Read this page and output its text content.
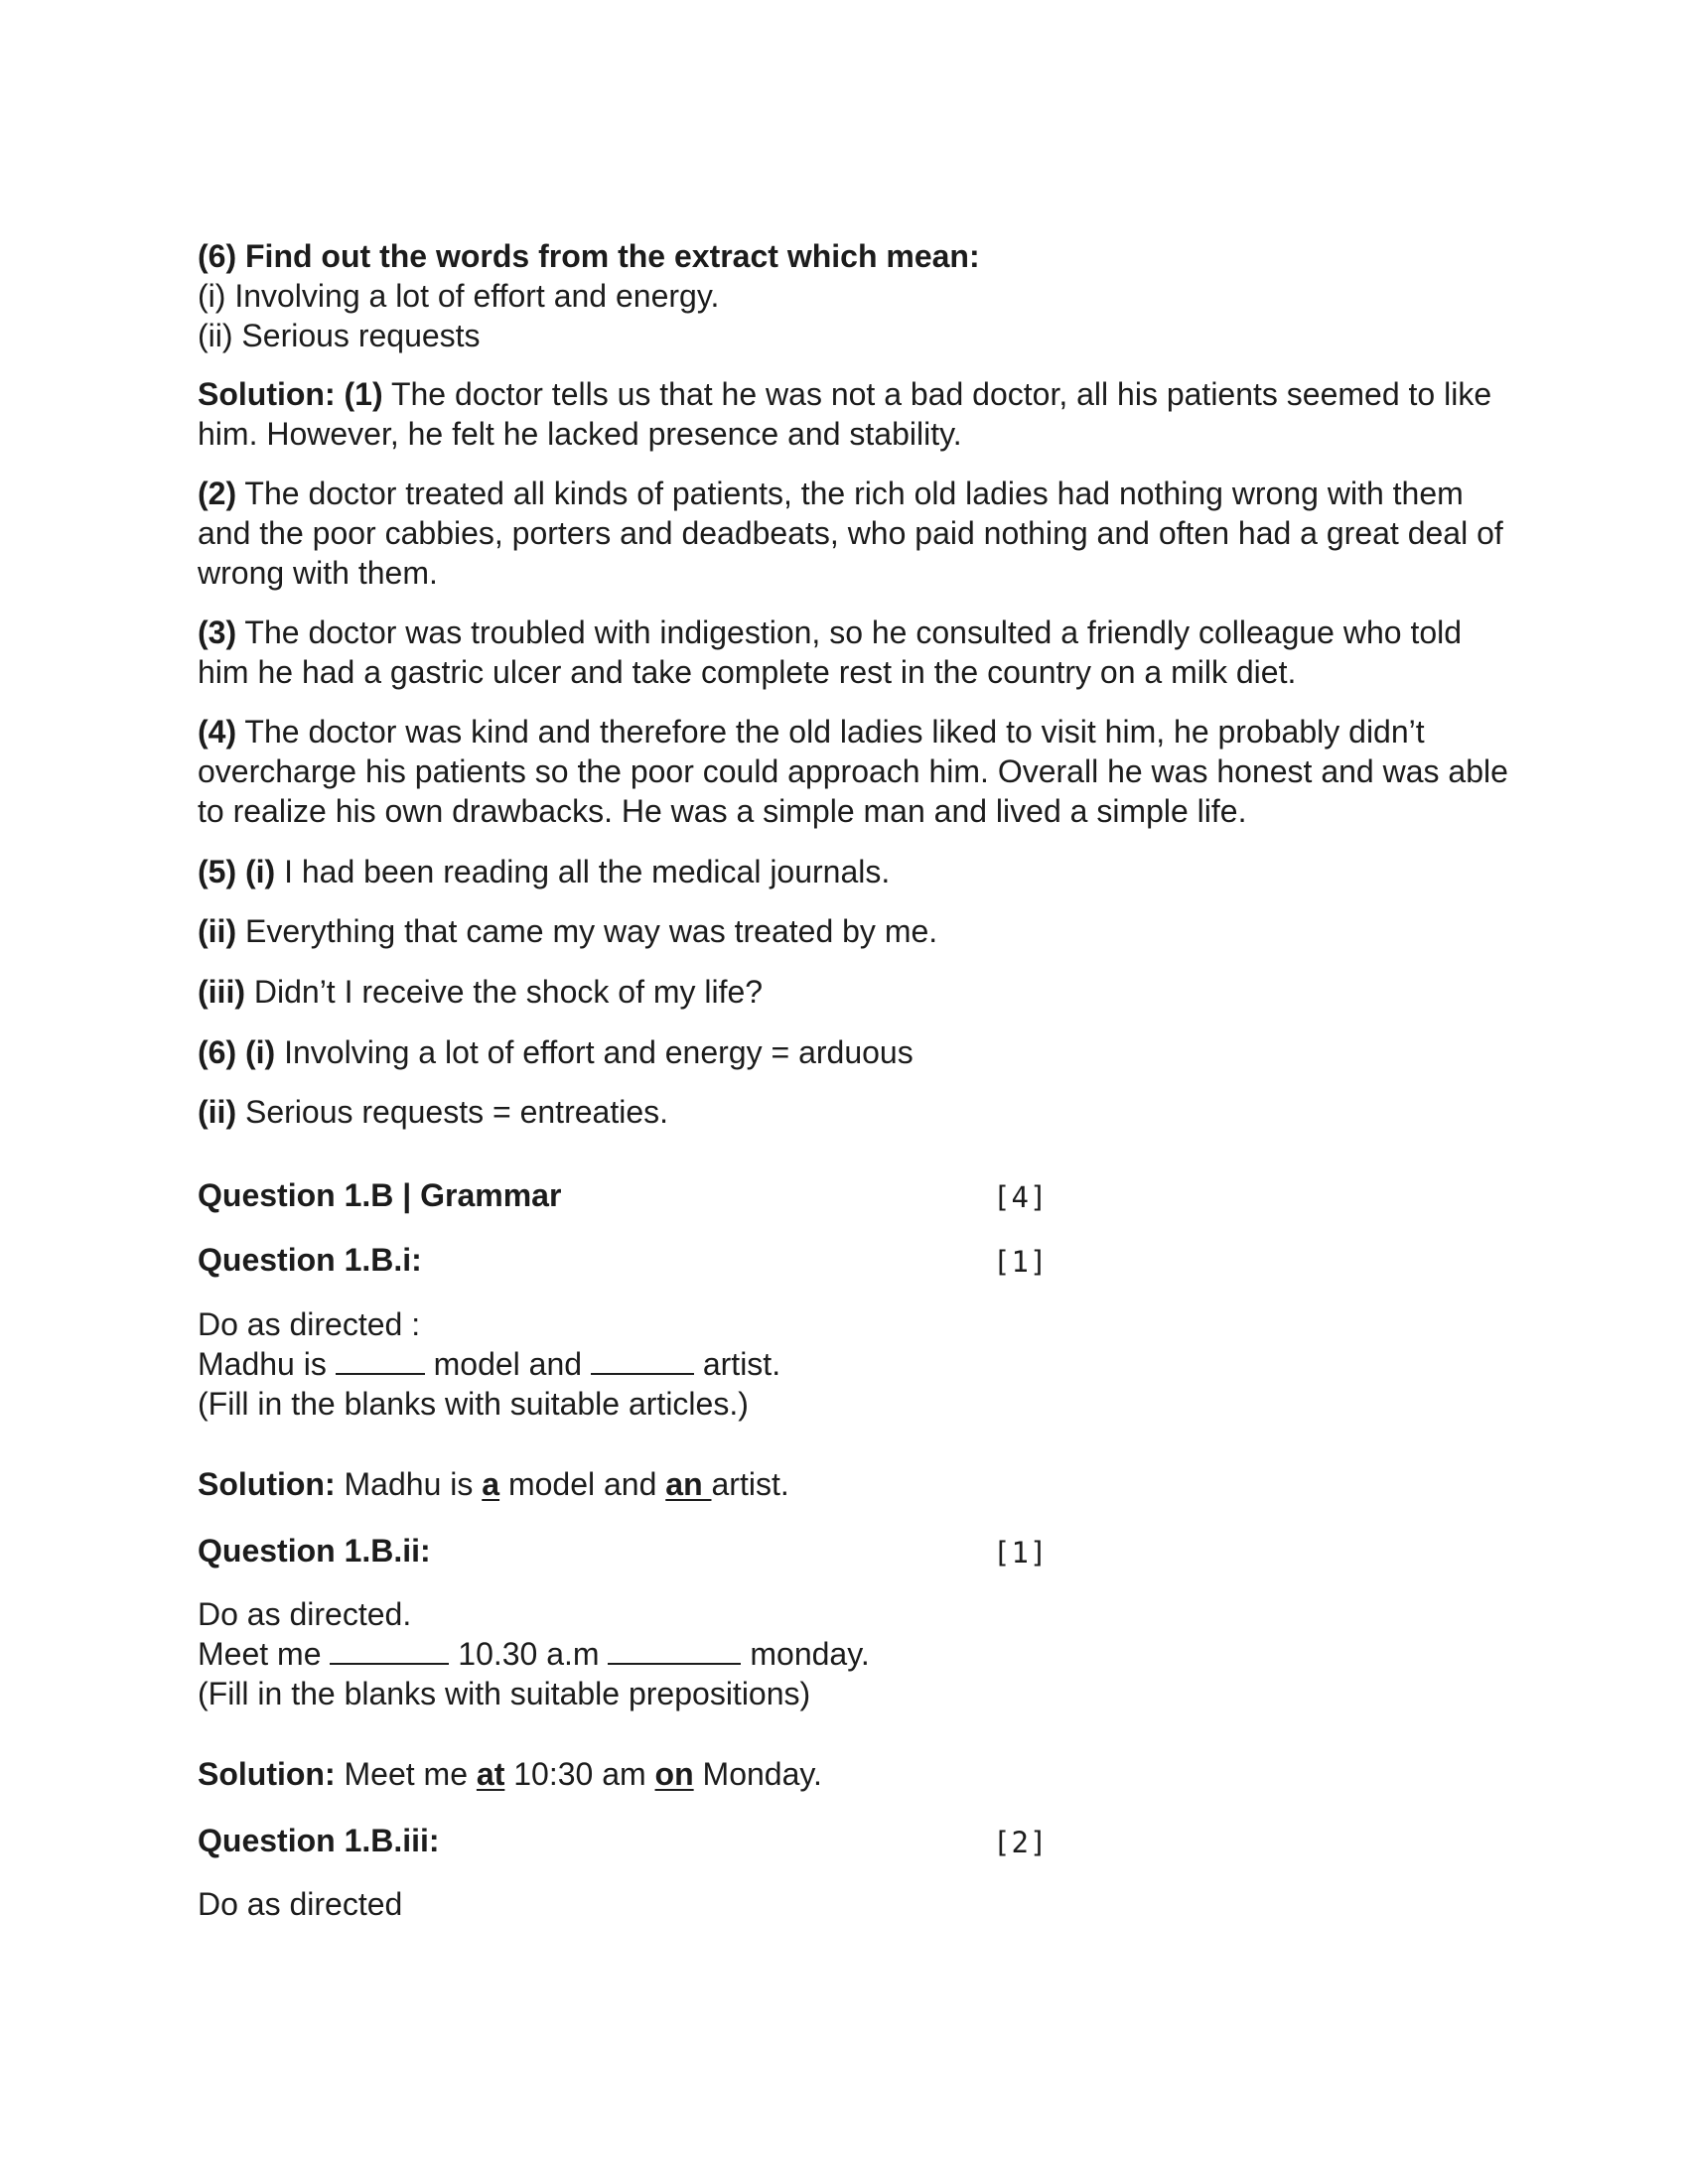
(6) Find out the words from the extract which mean:
(i) Involving a lot of effort and energy.
(ii) Serious requests

Solution: (1) The doctor tells us that he was not a bad doctor, all his patients seemed to like him. However, he felt he lacked presence and stability.

(2) The doctor treated all kinds of patients, the rich old ladies had nothing wrong with them and the poor cabbies, porters and deadbeats, who paid nothing and often had a great deal of wrong with them.

(3) The doctor was troubled with indigestion, so he consulted a friendly colleague who told him he had a gastric ulcer and take complete rest in the country on a milk diet.

(4) The doctor was kind and therefore the old ladies liked to visit him, he probably didn’t overcharge his patients so the poor could approach him. Overall he was honest and was able to realize his own drawbacks. He was a simple man and lived a simple life.

(5) (i) I had been reading all the medical journals.

(ii) Everything that came my way was treated by me.

(iii) Didn’t I receive the shock of my life?

(6) (i) Involving a lot of effort and energy = arduous

(ii) Serious requests = entreaties.

Question 1.B | Grammar	[4]
Question 1.B.i:	[1]
Do as directed :
Madhu is	model and	artist.
(Fill in the blanks with suitable articles.)

Solution: Madhu is a model and an artist.

Question 1.B.ii:	[1]
Do as directed.
Meet me	10.30 a.m	monday.
(Fill in the blanks with suitable prepositions)

Solution: Meet me at 10:30 am on Monday.

Question 1.B.iii:	[2]
Do as directed
